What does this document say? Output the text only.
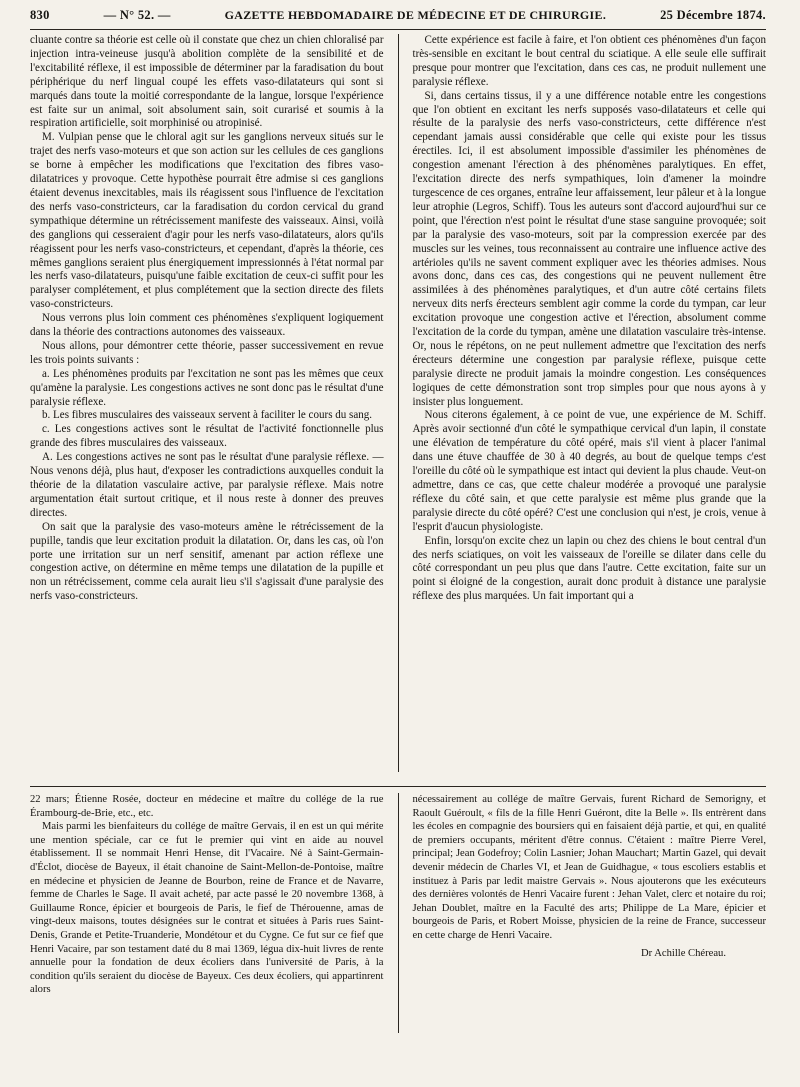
830	— N° 52. —	GAZETTE HEBDOMADAIRE DE MÉDECINE ET DE CHIRURGIE.	25 Décembre 1874.

cluante contre sa théorie est celle où il constate que chez un chien chloralisé par injection intra-veineuse jusqu'à abolition complète de la sensibilité et de l'excitabilité réflexe, il est impossible de déterminer par la faradisation du bout périphérique du nerf lingual coupé les effets vaso-dilatateurs qui sont si marqués dans toute la moitié correspondante de la langue, lorsque l'expérience est faite sur un animal, soit absolument sain, soit curarisé et soumis à la respiration artificielle, soit morphinisé ou atropinisé.

M. Vulpian pense que le chloral agit sur les ganglions nerveux situés sur le trajet des nerfs vaso-moteurs et que son action sur les cellules de ces ganglions se borne à empêcher les modifications que l'excitation des fibres vaso-dilatatrices y provoque. Cette hypothèse pourrait être admise si ces ganglions étaient devenus inexcitables, mais ils réagissent sous l'influence de l'excitation des nerfs vaso-constricteurs, car la faradisation du cordon cervical du grand sympathique détermine un rétrécissement manifeste des vaisseaux. Ainsi, voilà des ganglions qui cesseraient d'agir pour les nerfs vaso-dilatateurs, alors qu'ils réagissent pour les nerfs vaso-constricteurs, et cependant, d'après la théorie, ces mêmes ganglions seraient plus énergiquement impressionnés à l'état normal par les nerfs vaso-dilatateurs, puisqu'une faible excitation de ceux-ci suffit pour les paralyser complétement, et plus complétement que la section directe des filets vaso-constricteurs.

Nous verrons plus loin comment ces phénomènes s'expliquent logiquement dans la théorie des contractions autonomes des vaisseaux.

Nous allons, pour démontrer cette théorie, passer successivement en revue les trois points suivants :

a. Les phénomènes produits par l'excitation ne sont pas les mêmes que ceux qu'amène la paralysie. Les congestions actives ne sont donc pas le résultat d'une paralysie réflexe.

b. Les fibres musculaires des vaisseaux servent à faciliter le cours du sang.

c. Les congestions actives sont le résultat de l'activité fonctionnelle plus grande des fibres musculaires des vaisseaux.

A. Les congestions actives ne sont pas le résultat d'une paralysie réflexe. — Nous venons déjà, plus haut, d'exposer les contradictions auxquelles conduit la théorie de la dilatation vasculaire active, par paralysie réflexe. Mais notre argumentation était surtout critique, et il nous reste à donner des preuves directes.

On sait que la paralysie des vaso-moteurs amène le rétrécissement de la pupille, tandis que leur excitation produit la dilatation. Or, dans les cas, où l'on porte une irritation sur un nerf sensitif, amenant par action réflexe une congestion active, on détermine en même temps une dilatation de la pupille et non un rétrécissement, comme cela aurait lieu s'il s'agissait d'une paralysie des nerfs vaso-constricteurs.

Cette expérience est facile à faire, et l'on obtient ces phénomènes d'un façon très-sensible en excitant le bout central du sciatique. A elle seule elle suffirait presque pour montrer que l'excitation, dans ces cas, ne produit nullement une paralysie réflexe.

Si, dans certains tissus, il y a une différence notable entre les congestions que l'on obtient en excitant les nerfs supposés vaso-dilatateurs et celle qui résulte de la paralysie des nerfs vaso-constricteurs, cette différence n'est cependant jamais aussi considérable que celle qui existe pour les tissus érectiles. Ici, il est absolument impossible d'assimiler les phénomènes de congestion amenant l'érection à des phénomènes paralytiques. En effet, l'excitation directe des nerfs sympathiques, loin d'amener la moindre turgescence de ces organes, entraîne leur affaissement, leur pâleur et à la longue leur atrophie (Legros, Schiff). Tous les auteurs sont d'accord aujourd'hui sur ce point, que l'érection n'est point le résultat d'une stase sanguine provoquée; soit par la paralysie des vaso-moteurs, soit par la compression exercée par des muscles sur les veines, tous reconnaissent au contraire une influence active des artérioles qu'ils ne savent comment expliquer avec les théories admises. Nous avons donc, dans ces cas, des congestions qui ne peuvent nullement être assimilées à des phénomènes paralytiques, et d'un autre côté certains filets nerveux dits nerfs érecteurs semblent agir comme la corde du tympan, car leur excitation provoque une congestion active et l'érection, absolument comme l'excitation de la corde du tympan, amène une dilatation vasculaire très-intense. Or, nous le répétons, on ne peut nullement admettre que l'excitation des nerfs érecteurs détermine une congestion par paralysie réflexe, puisque cette paralysie directe ne produit jamais la moindre congestion. Les conséquences logiques de cette démonstration sont trop simples pour que nous ayons à y insister plus longuement.

Nous citerons également, à ce point de vue, une expérience de M. Schiff. Après avoir sectionné d'un côté le sympathique cervical d'un lapin, il constate une élévation de température du côté opéré, mais s'il vient à placer l'animal dans une étuve chauffée de 30 à 40 degrés, au bout de quelque temps c'est l'oreille du côté où le sympathique est intact qui devient la plus chaude. Veut-on admettre, dans ce cas, que cette chaleur modérée a provoqué une paralysie réflexe du côté sain, et que cette paralysie est même plus grande que la paralysie directe du côté opéré? C'est une conclusion qui n'est, je crois, venue à l'esprit d'aucun physiologiste.

Enfin, lorsqu'on excite chez un lapin ou chez des chiens le bout central d'un des nerfs sciatiques, on voit les vaisseaux de l'oreille se dilater dans celle du côté correspondant un peu plus que dans l'autre. Cette excitation, faite sur un point si éloigné de la congestion, aurait donc produit à distance une paralysie réflexe des plus marquées. Un fait important qui a

22 mars; Étienne Rosée, docteur en médecine et maître du collége de la rue Érambourg-de-Brie, etc., etc.

Mais parmi les bienfaiteurs du collége de maître Gervais, il en est un qui mérite une mention spéciale, car ce fut le premier qui vint en aide au nouvel établissement. Il se nommait Henri Hense, dit l'Vacaire. Né à Saint-Germain-d'Éclot, diocèse de Bayeux, il était chanoine de Saint-Mellon-de-Pontoise, maître en médecine et physicien de Jeanne de Bourbon, reine de France et de Navarre, femme de Charles le Sage. Il avait acheté, par acte passé le 20 novembre 1368, à Guillaume Ronce, épicier et bourgeois de Paris, le fief de Thérouenne, amas de vingt-deux maisons, toutes désignées sur le contrat et situées à Paris rues Saint-Denis, Grande et Petite-Truanderie, Mondétour et du Cygne. Ce fut sur ce fief que Henri Vacaire, par son testament daté du 8 mai 1369, légua dix-huit livres de rente annuelle pour la fondation de deux écoliers dans l'université de Paris, à la condition qu'ils seraient du diocèse de Bayeux. Ces deux écoliers, qui appartinrent alors

nécessairement au collége de maître Gervais, furent Richard de Semorigny, et Raoult Guéroult, « fils de la fille Henri Guéront, dite la Belle ». Ils entrèrent dans les écoles en compagnie des boursiers qui en faisaient déjà partie, et qui, en qualité de premiers occupants, méritent d'être connus. C'étaient : maître Pierre Verel, principal; Jean Godefroy; Colin Lasnier; Johan Mauchart; Martin Gazel, qui devait devenir médecin de Charles VI, et Jean de Guidhague, « tous escoliers establis et instituez à Paris par ledit maistre Gervais ». Nous ajouterons que les exécuteurs des dernières volontés de Henri Vacaire furent : Jehan Valet, clerc et notaire du roi; Jehan Doublet, maître en la Faculté des arts; Philippe de La Mare, épicier et bourgeois de Paris, et Robert Moisse, physicien de la reine de France, successeur en cette charge de Henri Vacaire.

Dr Achille Chéreau.
